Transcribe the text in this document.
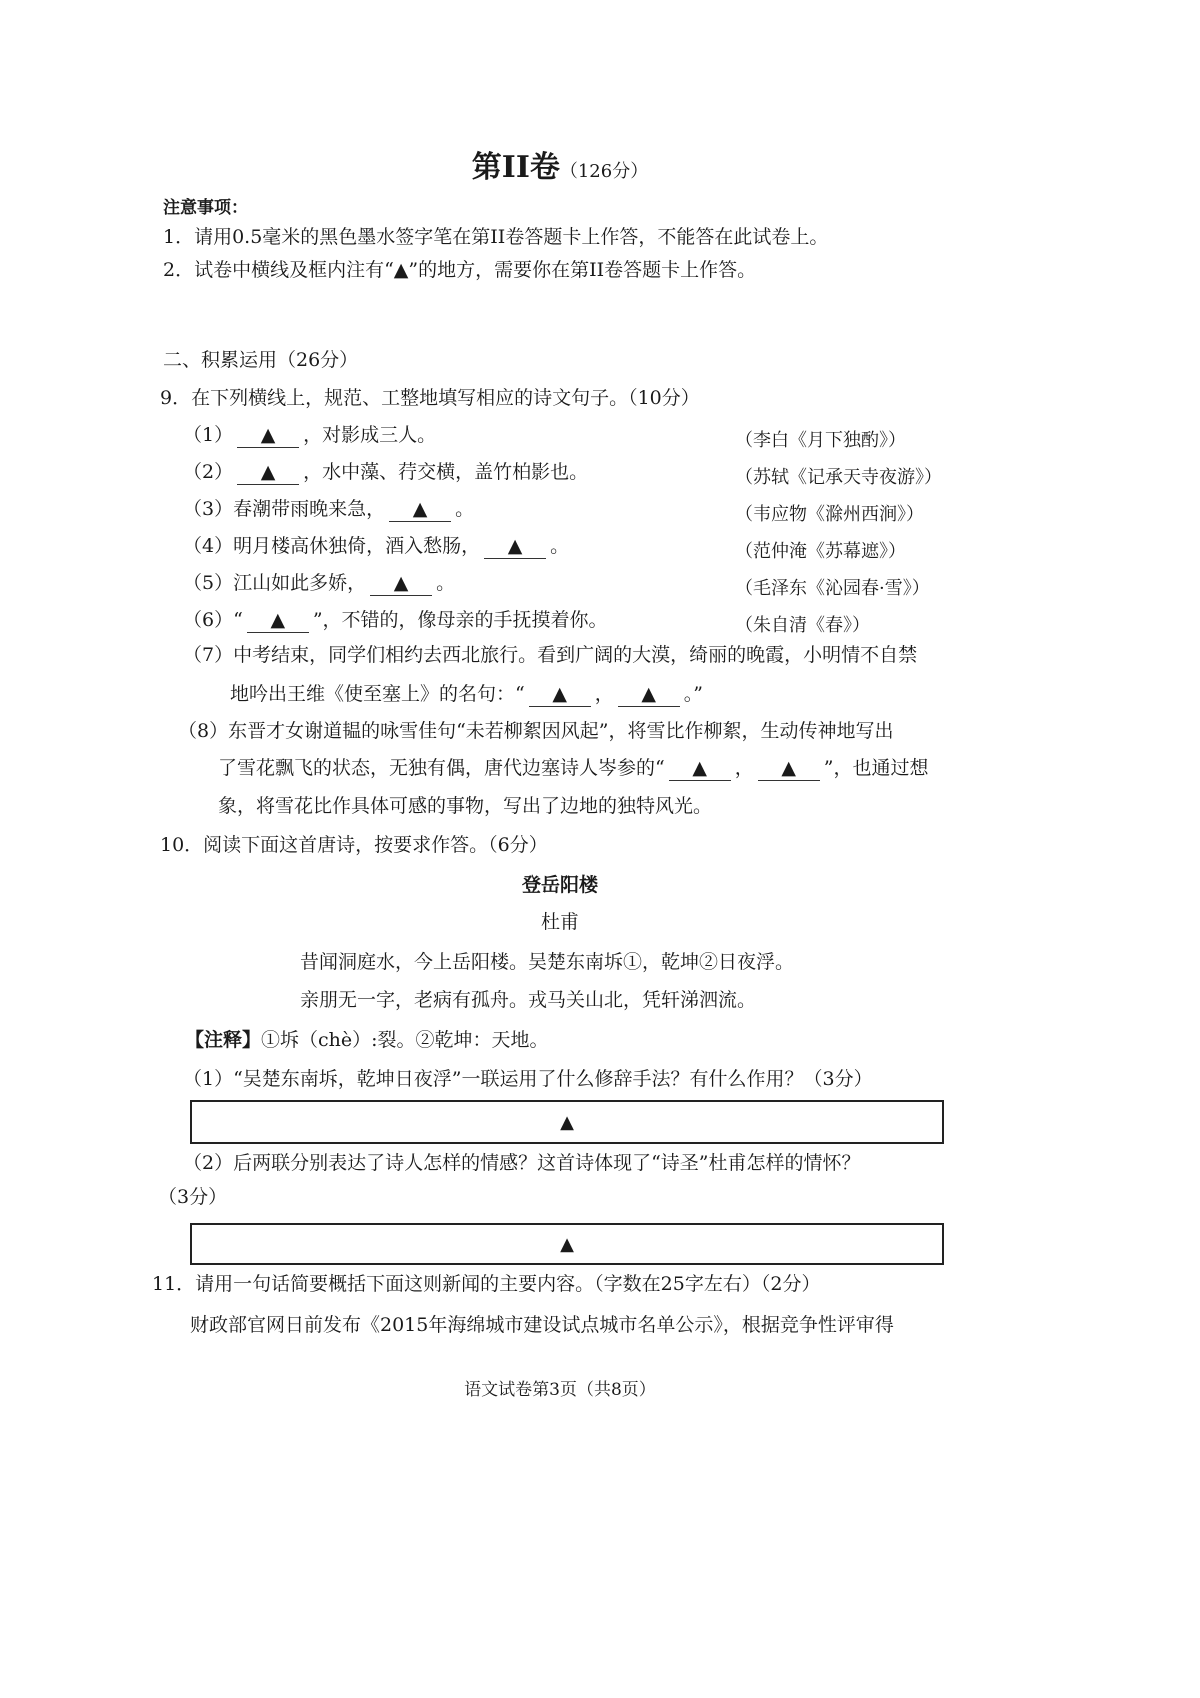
第II卷（126分）
注意事项：
1．请用0.5毫米的黑色墨水签字笔在第II卷答题卡上作答，不能答在此试卷上。
2．试卷中横线及框内注有“▲”的地方，需要你在第II卷答题卡上作答。
二、积累运用（26分）
9．在下列横线上，规范、工整地填写相应的诗文句子。（10分）
（1） ▲ ，对影成三人。	（李白《月下独酌》）
（2） ▲ ，水中藻、荇交横，盖竹柏影也。	（苏轼《记承天寺夜游》）
（3）春潮带雨晚来急， ▲ 。	（韦应物《滁州西涧》）
（4）明月楼高休独倚，酒入愁肠， ▲ 。	（范仲淹《苏幕遮》）
（5）江山如此多娇， ▲ 。	（毛泽东《沁园春·雪》）
（6）“ ▲ ”，不错的，像母亲的手抚摸着你。	（朱自清《春》）
（7）中考结束，同学们相约去西北旅行。看到广阔的大漠，绮丽的晚霞，小明情不自禁
地吟出王维《使至塞上》的名句：“ ▲ ， ▲ 。”
（8）东晋才女谢道韫的咏雪佳句“未若柳絮因风起”，将雪比作柳絮，生动传神地写出
了雪花飘飞的状态，无独有偶，唐代边塞诗人岑参的“ ▲ ， ▲ ”，也通过想
象，将雪花比作具体可感的事物，写出了边地的独特风光。
10．阅读下面这首唐诗，按要求作答。（6分）
登岳阳楼
杜甫
昔闻洞庭水，今上岳阳楼。吴楚东南坼①，乾坤②日夜浮。
亲朋无一字，老病有孤舟。戎马关山北，凭轩涕泗流。
【注释】①坼（chè）:裂。②乾坤：天地。
（1）“吴楚东南坼，乾坤日夜浮”一联运用了什么修辞手法？有什么作用？（3分）
▲
（2）后两联分别表达了诗人怎样的情感？这首诗体现了“诗圣”杜甫怎样的情怀？
（3分）
▲
11．请用一句话简要概括下面这则新闻的主要内容。（字数在25字左右）（2分）
财政部官网日前发布《2015年海绵城市建设试点城市名单公示》，根据竞争性评审得
语文试卷第3页（共8页）
